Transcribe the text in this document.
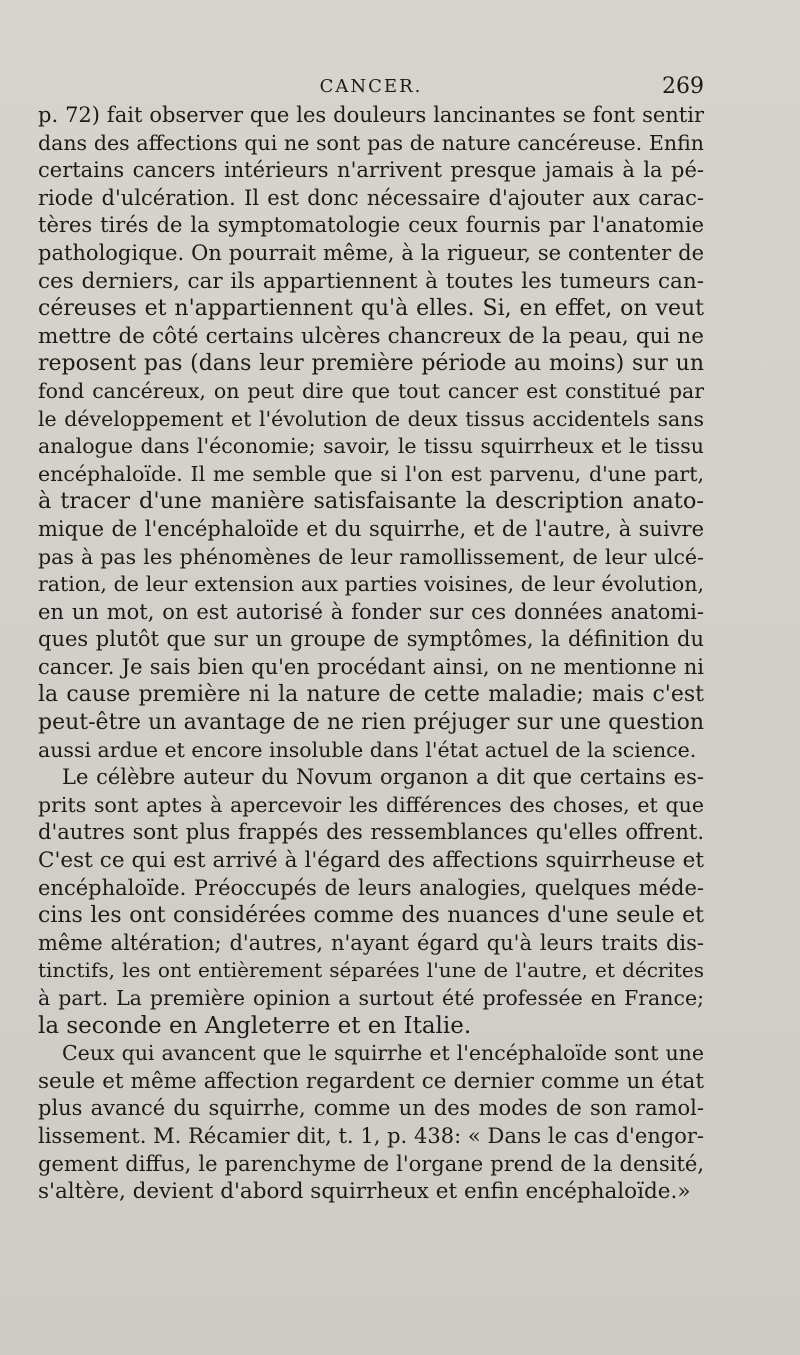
CANCER.	269
p. 72) fait observer que les douleurs lancinantes se font sentir
dans des affections qui ne sont pas de nature cancéreuse. Enfin
certains cancers intérieurs n'arrivent presque jamais à la pé-
riode d'ulcération. Il est donc nécessaire d'ajouter aux carac-
tères tirés de la symptomatologie ceux fournis par l'anatomie
pathologique. On pourrait même, à la rigueur, se contenter de
ces derniers, car ils appartiennent à toutes les tumeurs can-
céreuses et n'appartiennent qu'à elles. Si, en effet, on veut
mettre de côté certains ulcères chancreux de la peau, qui ne
reposent pas (dans leur première période au moins) sur un
fond cancéreux, on peut dire que tout cancer est constitué par
le développement et l'évolution de deux tissus accidentels sans
analogue dans l'économie; savoir, le tissu squirrheux et le tissu
encéphaloïde. Il me semble que si l'on est parvenu, d'une part,
à tracer d'une manière satisfaisante la description anato-
mique de l'encéphaloïde et du squirrhe, et de l'autre, à suivre
pas à pas les phénomènes de leur ramollissement, de leur ulcé-
ration, de leur extension aux parties voisines, de leur évolution,
en un mot, on est autorisé à fonder sur ces données anatomi-
ques plutôt que sur un groupe de symptômes, la définition du
cancer. Je sais bien qu'en procédant ainsi, on ne mentionne ni
la cause première ni la nature de cette maladie; mais c'est
peut-être un avantage de ne rien préjuger sur une question
aussi ardue et encore insoluble dans l'état actuel de la science.
Le célèbre auteur du Novum organon a dit que certains es-
prits sont aptes à apercevoir les différences des choses, et que
d'autres sont plus frappés des ressemblances qu'elles offrent.
C'est ce qui est arrivé à l'égard des affections squirrheuse et
encéphaloïde. Préoccupés de leurs analogies, quelques méde-
cins les ont considérées comme des nuances d'une seule et
même altération; d'autres, n'ayant égard qu'à leurs traits dis-
tinctifs, les ont entièrement séparées l'une de l'autre, et décrites
à part. La première opinion a surtout été professée en France;
la seconde en Angleterre et en Italie.
Ceux qui avancent que le squirrhe et l'encéphaloïde sont une
seule et même affection regardent ce dernier comme un état
plus avancé du squirrhe, comme un des modes de son ramol-
lissement. M. Récamier dit, t. 1, p. 438: « Dans le cas d'engor-
gement diffus, le parenchyme de l'organe prend de la densité,
s'altère, devient d'abord squirrheux et enfin encéphaloïde.»
